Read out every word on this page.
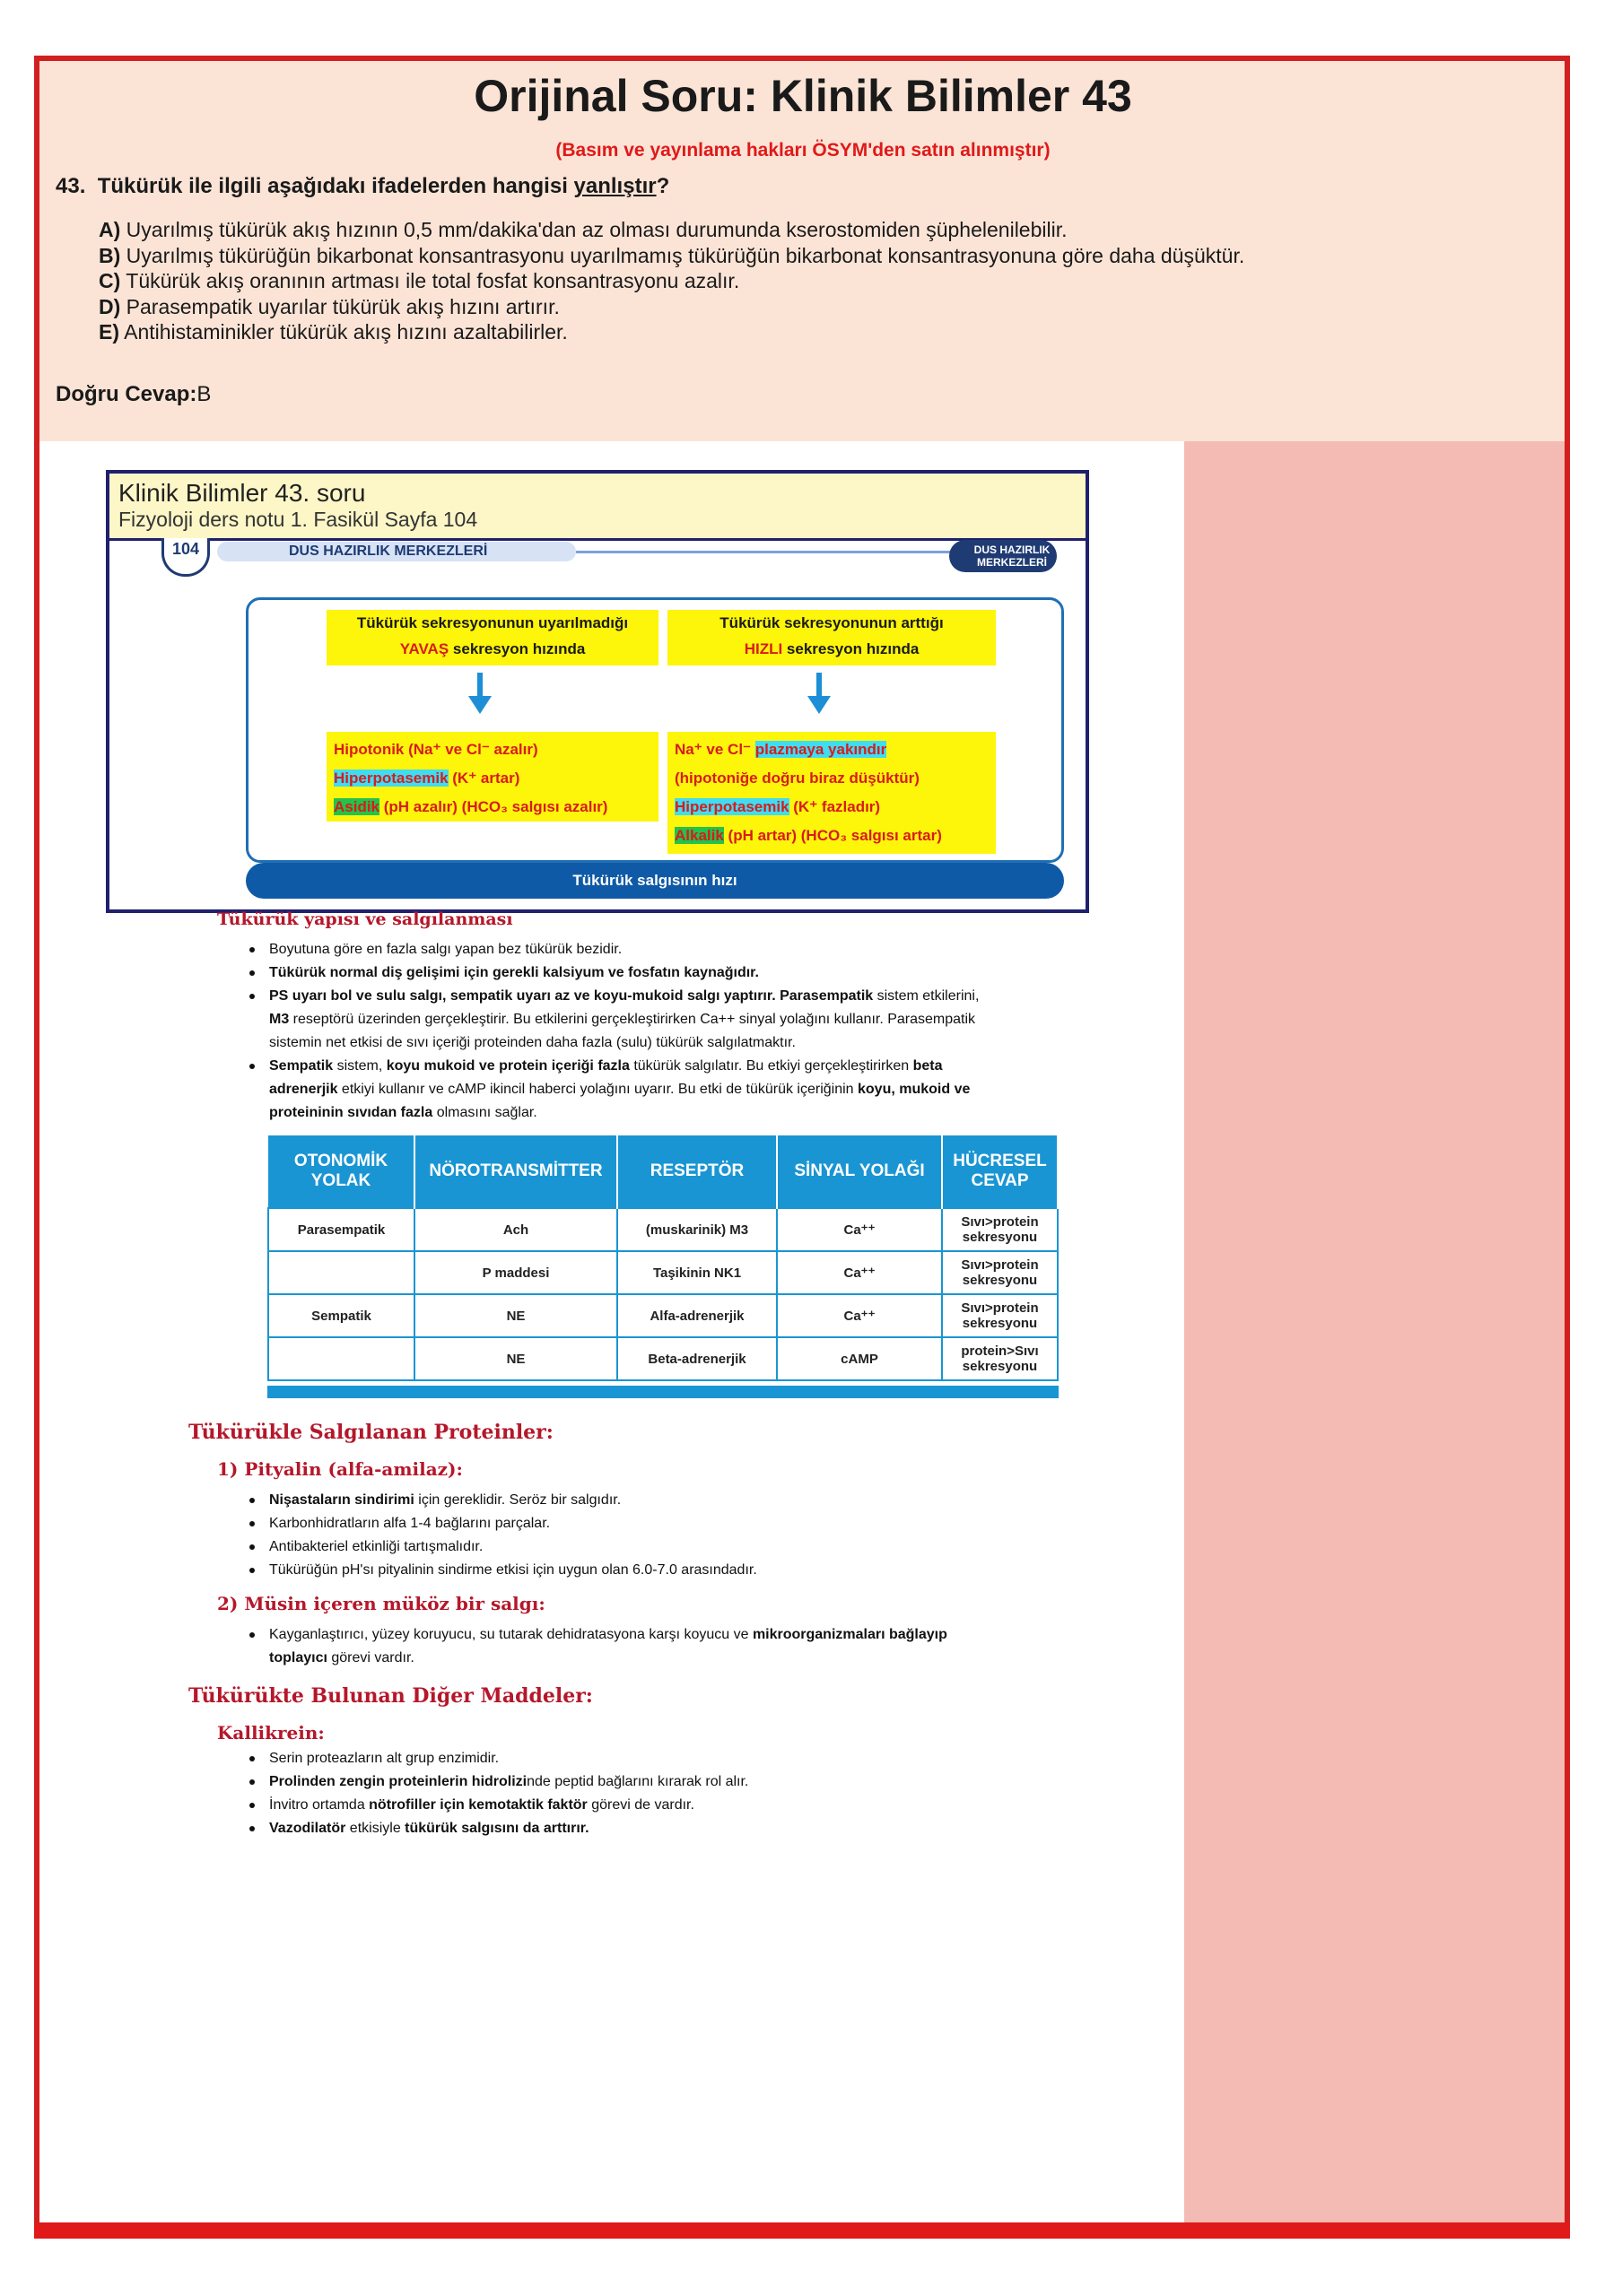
Orijinal Soru: Klinik Bilimler 43
(Basım ve yayınlama hakları ÖSYM'den satın alınmıştır)
43. Tükürük ile ilgili aşağıdakı ifadelerden hangisi yanlıştır?
A) Uyarılmış tükürük akış hızının 0,5 mm/dakika'dan az olması durumunda kserostomiden şüphelenilebilir.
B) Uyarılmış tükürüğün bikarbonat konsantrasyonu uyarılmamış tükürüğün bikarbonat konsantrasyonuna göre daha düşüktür.
C) Tükürük akış oranının artması ile total fosfat konsantrasyonu azalır.
D) Parasempatik uyarılar tükürük akış hızını artırır.
E) Antihistaminikler tükürük akış hızını azaltabilirler.
Doğru Cevap:B
Klinik Bilimler 43. soru
Fizyoloji ders notu 1. Fasikül Sayfa 104
104	DUS HAZIRLIK MERKEZLERİ	DUS HAZIRLIK MERKEZLERİ
Tükürük sekresyonunun uyarılmadığı
YAVAŞ sekresyon hızında
Tükürük sekresyonunun arttığı
HIZLI sekresyon hızında
Hipotonik (Na⁺ ve Cl⁻ azalır)
Hiperpotasemik (K⁺ artar)
Asidik (pH azalır) (HCO₃ salgısı azalır)
Na⁺ ve Cl⁻ plazmaya yakındır
(hipotoniğe doğru biraz düşüktür)
Hiperpotasemik (K⁺ fazladır)
Alkalik (pH artar) (HCO₃ salgısı artar)
Tükürük salgısının hızı
Tükürük yapısı ve salgılanması
Boyutuna göre en fazla salgı yapan bez tükürük bezidir.
Tükürük normal diş gelişimi için gerekli kalsiyum ve fosfatın kaynağıdır.
PS uyarı bol ve sulu salgı, sempatik uyarı az ve koyu-mukoid salgı yaptırır. Parasempatik sistem etkilerini,
M3 reseptörü üzerinden gerçekleştirir. Bu etkilerini gerçekleştirirken Ca++ sinyal yolağını kullanır. Parasempatik
sistemin net etkisi de sıvı içeriği proteinden daha fazla (sulu) tükürük salgılatmaktır.
Sempatik sistem, koyu mukoid ve protein içeriği fazla tükürük salgılatır. Bu etkiyi gerçekleştirirken beta
adrenerjik etkiyi kullanır ve cAMP ikincil haberci yolağını uyarır. Bu etki de tükürük içeriğinin koyu, mukoid ve
proteininin sıvıdan fazla olmasını sağlar.
OTONOMİK YOLAK	NÖROTRANSMİTTER	RESEPTÖR	SİNYAL YOLAĞI	HÜCRESEL CEVAP
Parasempatik	Ach	(muskarinik) M3	Ca⁺⁺	Sıvı>protein sekresyonu
	P maddesi	Taşikinin NK1	Ca⁺⁺	Sıvı>protein sekresyonu
Sempatik	NE	Alfa-adrenerjik	Ca⁺⁺	Sıvı>protein sekresyonu
	NE	Beta-adrenerjik	cAMP	protein>Sıvı sekresyonu
Tükürükle Salgılanan Proteinler:
1) Pityalin (alfa-amilaz):
Nişastaların sindirimi için gereklidir. Seröz bir salgıdır.
Karbonhidratların alfa 1-4 bağlarını parçalar.
Antibakteriel etkinliği tartışmalıdır.
Tükürüğün pH'sı pityalinin sindirme etkisi için uygun olan 6.0-7.0 arasındadır.
2) Müsin içeren müköz bir salgı:
Kayganlaştırıcı, yüzey koruyucu, su tutarak dehidratasyona karşı koyucu ve mikroorganizmaları bağlayıp
toplayıcı görevi vardır.
Tükürükte Bulunan Diğer Maddeler:
Kallikrein:
Serin proteazların alt grup enzimidir.
Prolinden zengin proteinlerin hidrolizinde peptid bağlarını kırarak rol alır.
İnvitro ortamda nötrofiller için kemotaktik faktör görevi de vardır.
Vazodilatör etkisiyle tükürük salgısını da arttırır.
